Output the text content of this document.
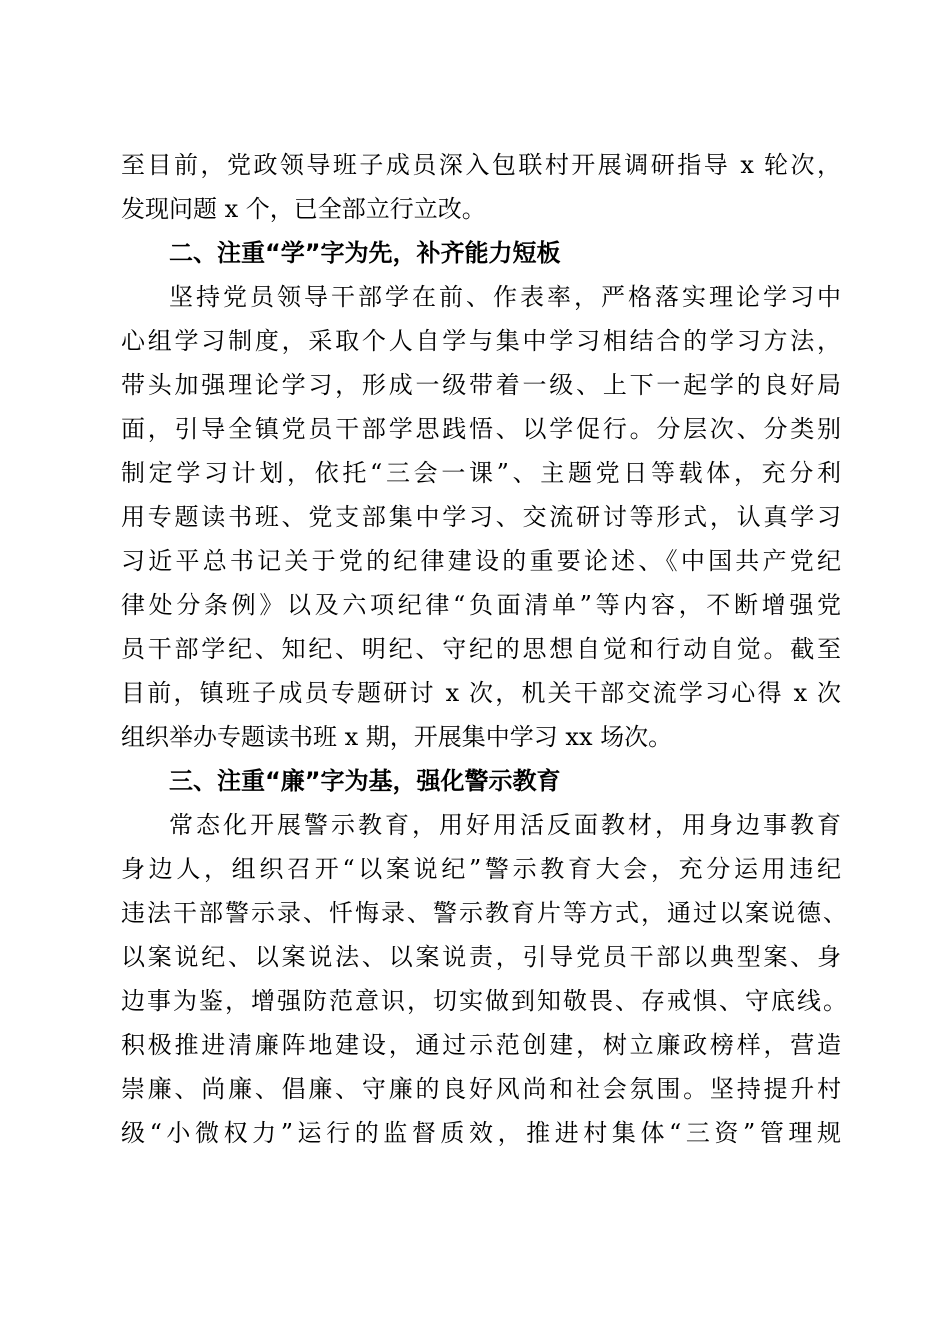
至目前，党政领导班子成员深入包联村开展调研指导 x 轮次，
发现问题 x 个，已全部立行立改。
二、注重“学”字为先，补齐能力短板
坚持党员领导干部学在前、作表率，严格落实理论学习中
心组学习制度，采取个人自学与集中学习相结合的学习方法，
带头加强理论学习，形成一级带着一级、上下一起学的良好局
面，引导全镇党员干部学思践悟、以学促行。分层次、分类别
制定学习计划，依托“三会一课”、主题党日等载体，充分利
用专题读书班、党支部集中学习、交流研讨等形式，认真学习
习近平总书记关于党的纪律建设的重要论述、《中国共产党纪
律处分条例》以及六项纪律“负面清单”等内容，不断增强党
员干部学纪、知纪、明纪、守纪的思想自觉和行动自觉。截至
目前，镇班子成员专题研讨 x 次，机关干部交流学习心得 x 次
组织举办专题读书班 x 期，开展集中学习 xx 场次。
三、注重“廉”字为基，强化警示教育
常态化开展警示教育，用好用活反面教材，用身边事教育
身边人，组织召开“以案说纪”警示教育大会，充分运用违纪
违法干部警示录、忏悔录、警示教育片等方式，通过以案说德、
以案说纪、以案说法、以案说责，引导党员干部以典型案、身
边事为鉴，增强防范意识，切实做到知敬畏、存戒惧、守底线。
积极推进清廉阵地建设，通过示范创建，树立廉政榜样，营造
崇廉、尚廉、倡廉、守廉的良好风尚和社会氛围。坚持提升村
级“小微权力”运行的监督质效，推进村集体“三资”管理规
